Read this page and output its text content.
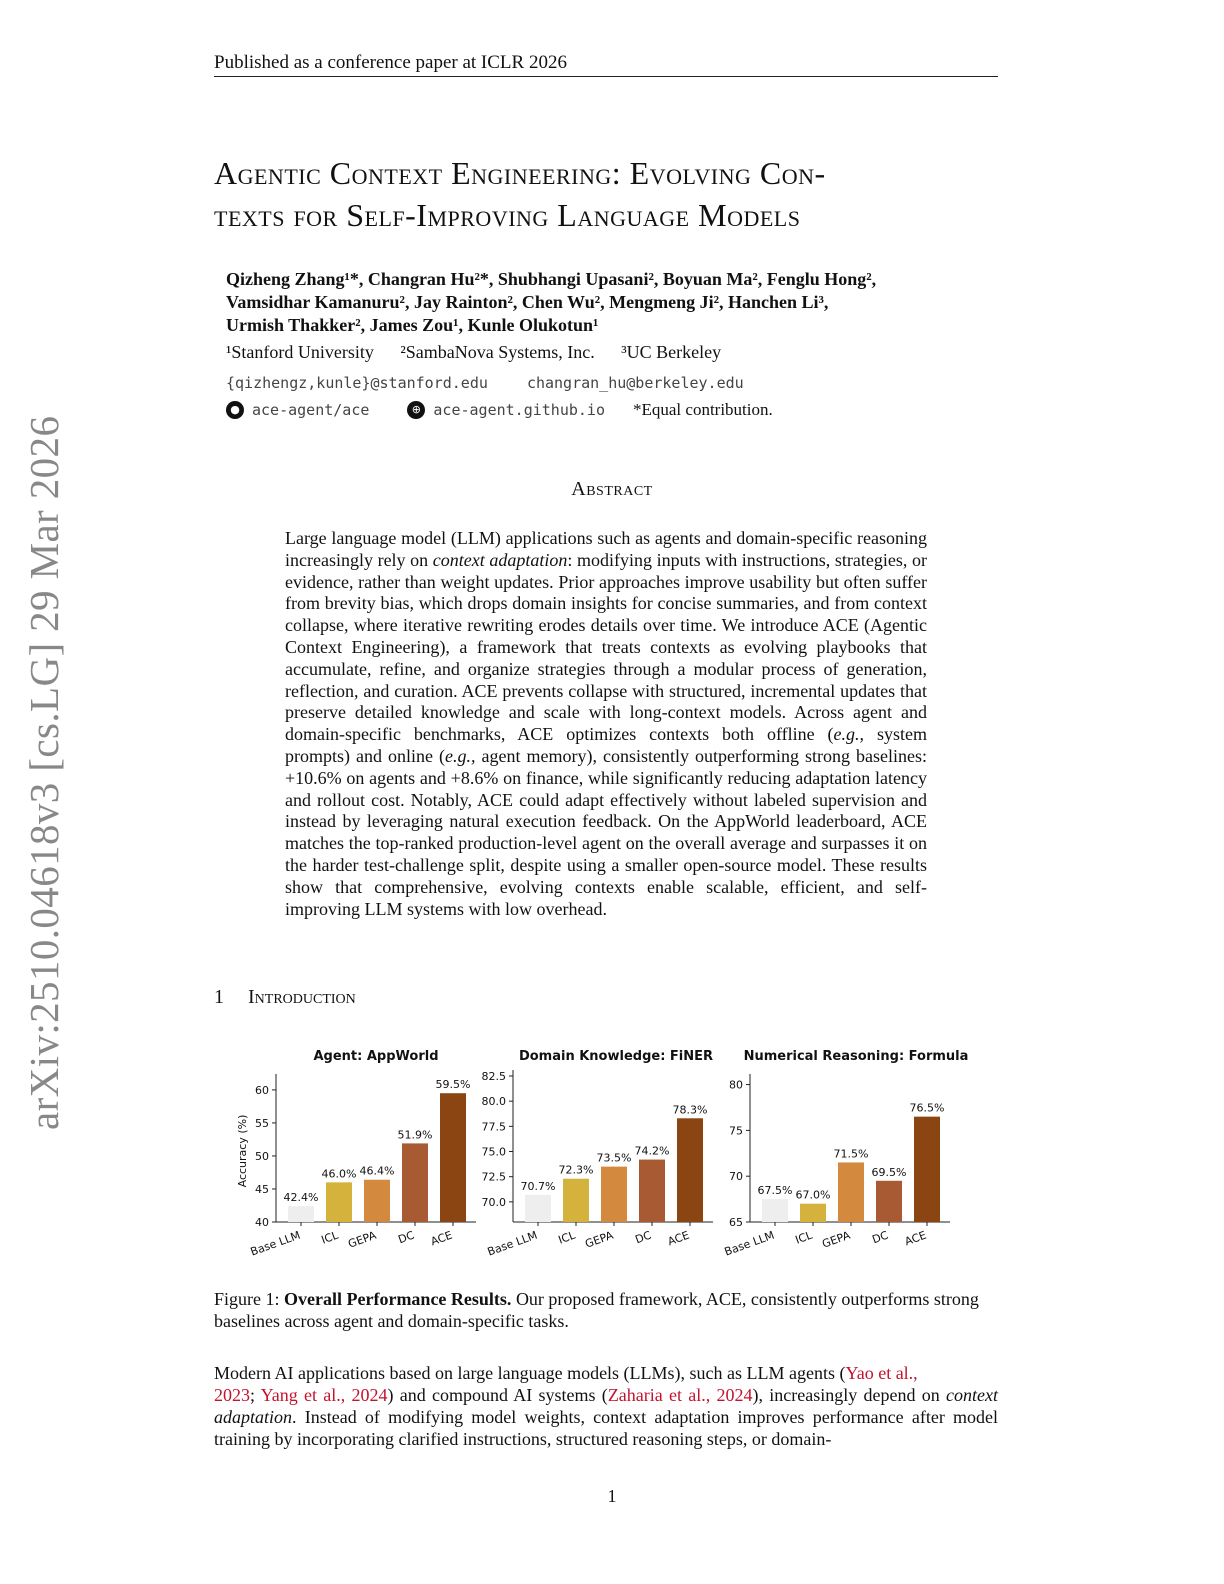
Published as a conference paper at ICLR 2026
arXiv:2510.04618v3 [cs.LG] 29 Mar 2026
Agentic Context Engineering: Evolving Con-
texts for Self-Improving Language Models
Qizheng Zhang¹*, Changran Hu²*, Shubhangi Upasani², Boyuan Ma², Fenglu Hong²,
Vamsidhar Kamanuru², Jay Rainton², Chen Wu², Mengmeng Ji², Hanchen Li³,
Urmish Thakker², James Zou¹, Kunle Olukotun¹
¹Stanford University ²SambaNova Systems, Inc. ³UC Berkeley
{qizhengz,kunle}@stanford.edu	changran_hu@berkeley.edu
● ace-agent/ace	⊕ ace-agent.github.io *Equal contribution.
Abstract
Large language model (LLM) applications such as agents and domain-specific reasoning increasingly rely on context adaptation: modifying inputs with instructions, strategies, or evidence, rather than weight updates. Prior approaches improve usability but often suffer from brevity bias, which drops domain insights for concise summaries, and from context collapse, where iterative rewriting erodes details over time. We introduce ACE (Agentic Context Engineering), a framework that treats contexts as evolving playbooks that accumulate, refine, and organize strategies through a modular process of generation, reflection, and curation. ACE prevents collapse with structured, incremental updates that preserve detailed knowledge and scale with long-context models. Across agent and domain-specific benchmarks, ACE optimizes contexts both offline (e.g., system prompts) and online (e.g., agent memory), consistently outperforming strong baselines: +10.6% on agents and +8.6% on finance, while significantly reducing adaptation latency and rollout cost. Notably, ACE could adapt effectively without labeled supervision and instead by leveraging natural execution feedback. On the AppWorld leaderboard, ACE matches the top-ranked production-level agent on the overall average and surpasses it on the harder test-challenge split, despite using a smaller open-source model. These results show that comprehensive, evolving contexts enable scalable, efficient, and self-improving LLM systems with low overhead.
1 Introduction
Agent: AppWorld
40
45
50
55
60
Accuracy (%)
42.4%
Base LLM
46.0%
ICL
46.4%
GEPA
51.9%
DC
59.5%
ACE
Domain Knowledge: FiNER
70.0
72.5
75.0
77.5
80.0
82.5
70.7%
Base LLM
72.3%
ICL
73.5%
GEPA
74.2%
DC
78.3%
ACE
Numerical Reasoning: Formula
65
70
75
80
67.5%
Base LLM
67.0%
ICL
71.5%
GEPA
69.5%
DC
76.5%
ACE
Figure 1: Overall Performance Results. Our proposed framework, ACE, consistently outperforms strong baselines across agent and domain-specific tasks.
Modern AI applications based on large language models (LLMs), such as LLM agents (Yao et al.,
2023; Yang et al., 2024) and compound AI systems (Zaharia et al., 2024), increasingly depend on context adaptation. Instead of modifying model weights, context adaptation improves performance after model training by incorporating clarified instructions, structured reasoning steps, or domain-
1
